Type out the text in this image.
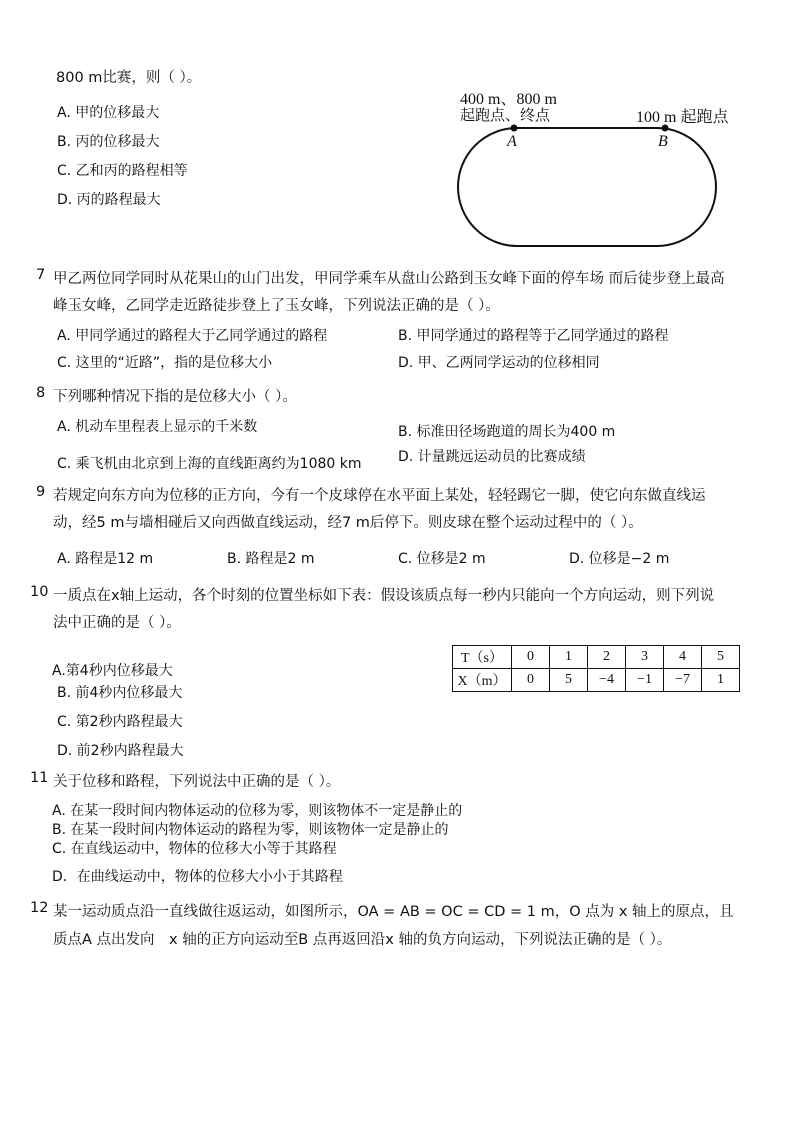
800 m比赛，则（ ）。
A. 甲的位移最大
B. 丙的位移最大
C. 乙和丙的路程相等
D. 丙的路程最大
400 m、800 m
起跑点、终点	100 m 起跑点
A	B
7 甲乙两位同学同时从花果山的山门出发，甲同学乘车从盘山公路到玉女峰下面的停车场 而后徒步登上最高
峰玉女峰，乙同学走近路徒步登上了玉女峰，下列说法正确的是（ ）。
A. 甲同学通过的路程大于乙同学通过的路程	B. 甲同学通过的路程等于乙同学通过的路程
C. 这里的“近路”，指的是位移大小	D. 甲、乙两同学运动的位移相同
8 下列哪种情况下指的是位移大小（ ）。
A. 机动车里程表上显示的千米数	B. 标准田径场跑道的周长为400 m
C. 乘飞机由北京到上海的直线距离约为1080 km	D. 计量跳远运动员的比赛成绩
9 若规定向东方向为位移的正方向，今有一个皮球停在水平面上某处，轻轻踢它一脚，使它向东做直线运
动，经5 m与墙相碰后又向西做直线运动，经7 m后停下。则皮球在整个运动过程中的（ ）。
A. 路程是12 m	B. 路程是2 m	C. 位移是2 m	D. 位移是−2 m
10 一质点在x轴上运动，各个时刻的位置坐标如下表：假设该质点每一秒内只能向一个方向运动，则下列说
法中正确的是（ ）。
A.第4秒内位移最大
B. 前4秒内位移最大
C. 第2秒内路程最大
D. 前2秒内路程最大
T（s）	0	1	2	3	4	5
X（m）	0	5	−4	−1	−7	1
11 关于位移和路程，下列说法中正确的是（ ）。
A. 在某一段时间内物体运动的位移为零，则该物体不一定是静止的
B. 在某一段时间内物体运动的路程为零，则该物体一定是静止的
C. 在直线运动中，物体的位移大小等于其路程
D．在曲线运动中，物体的位移大小小于其路程
12 某一运动质点沿一直线做往返运动，如图所示，OA = AB = OC = CD = 1 m，O 点为 x 轴上的原点，且
质点A 点出发向　x 轴的正方向运动至B 点再返回沿x 轴的负方向运动，下列说法正确的是（ ）。
